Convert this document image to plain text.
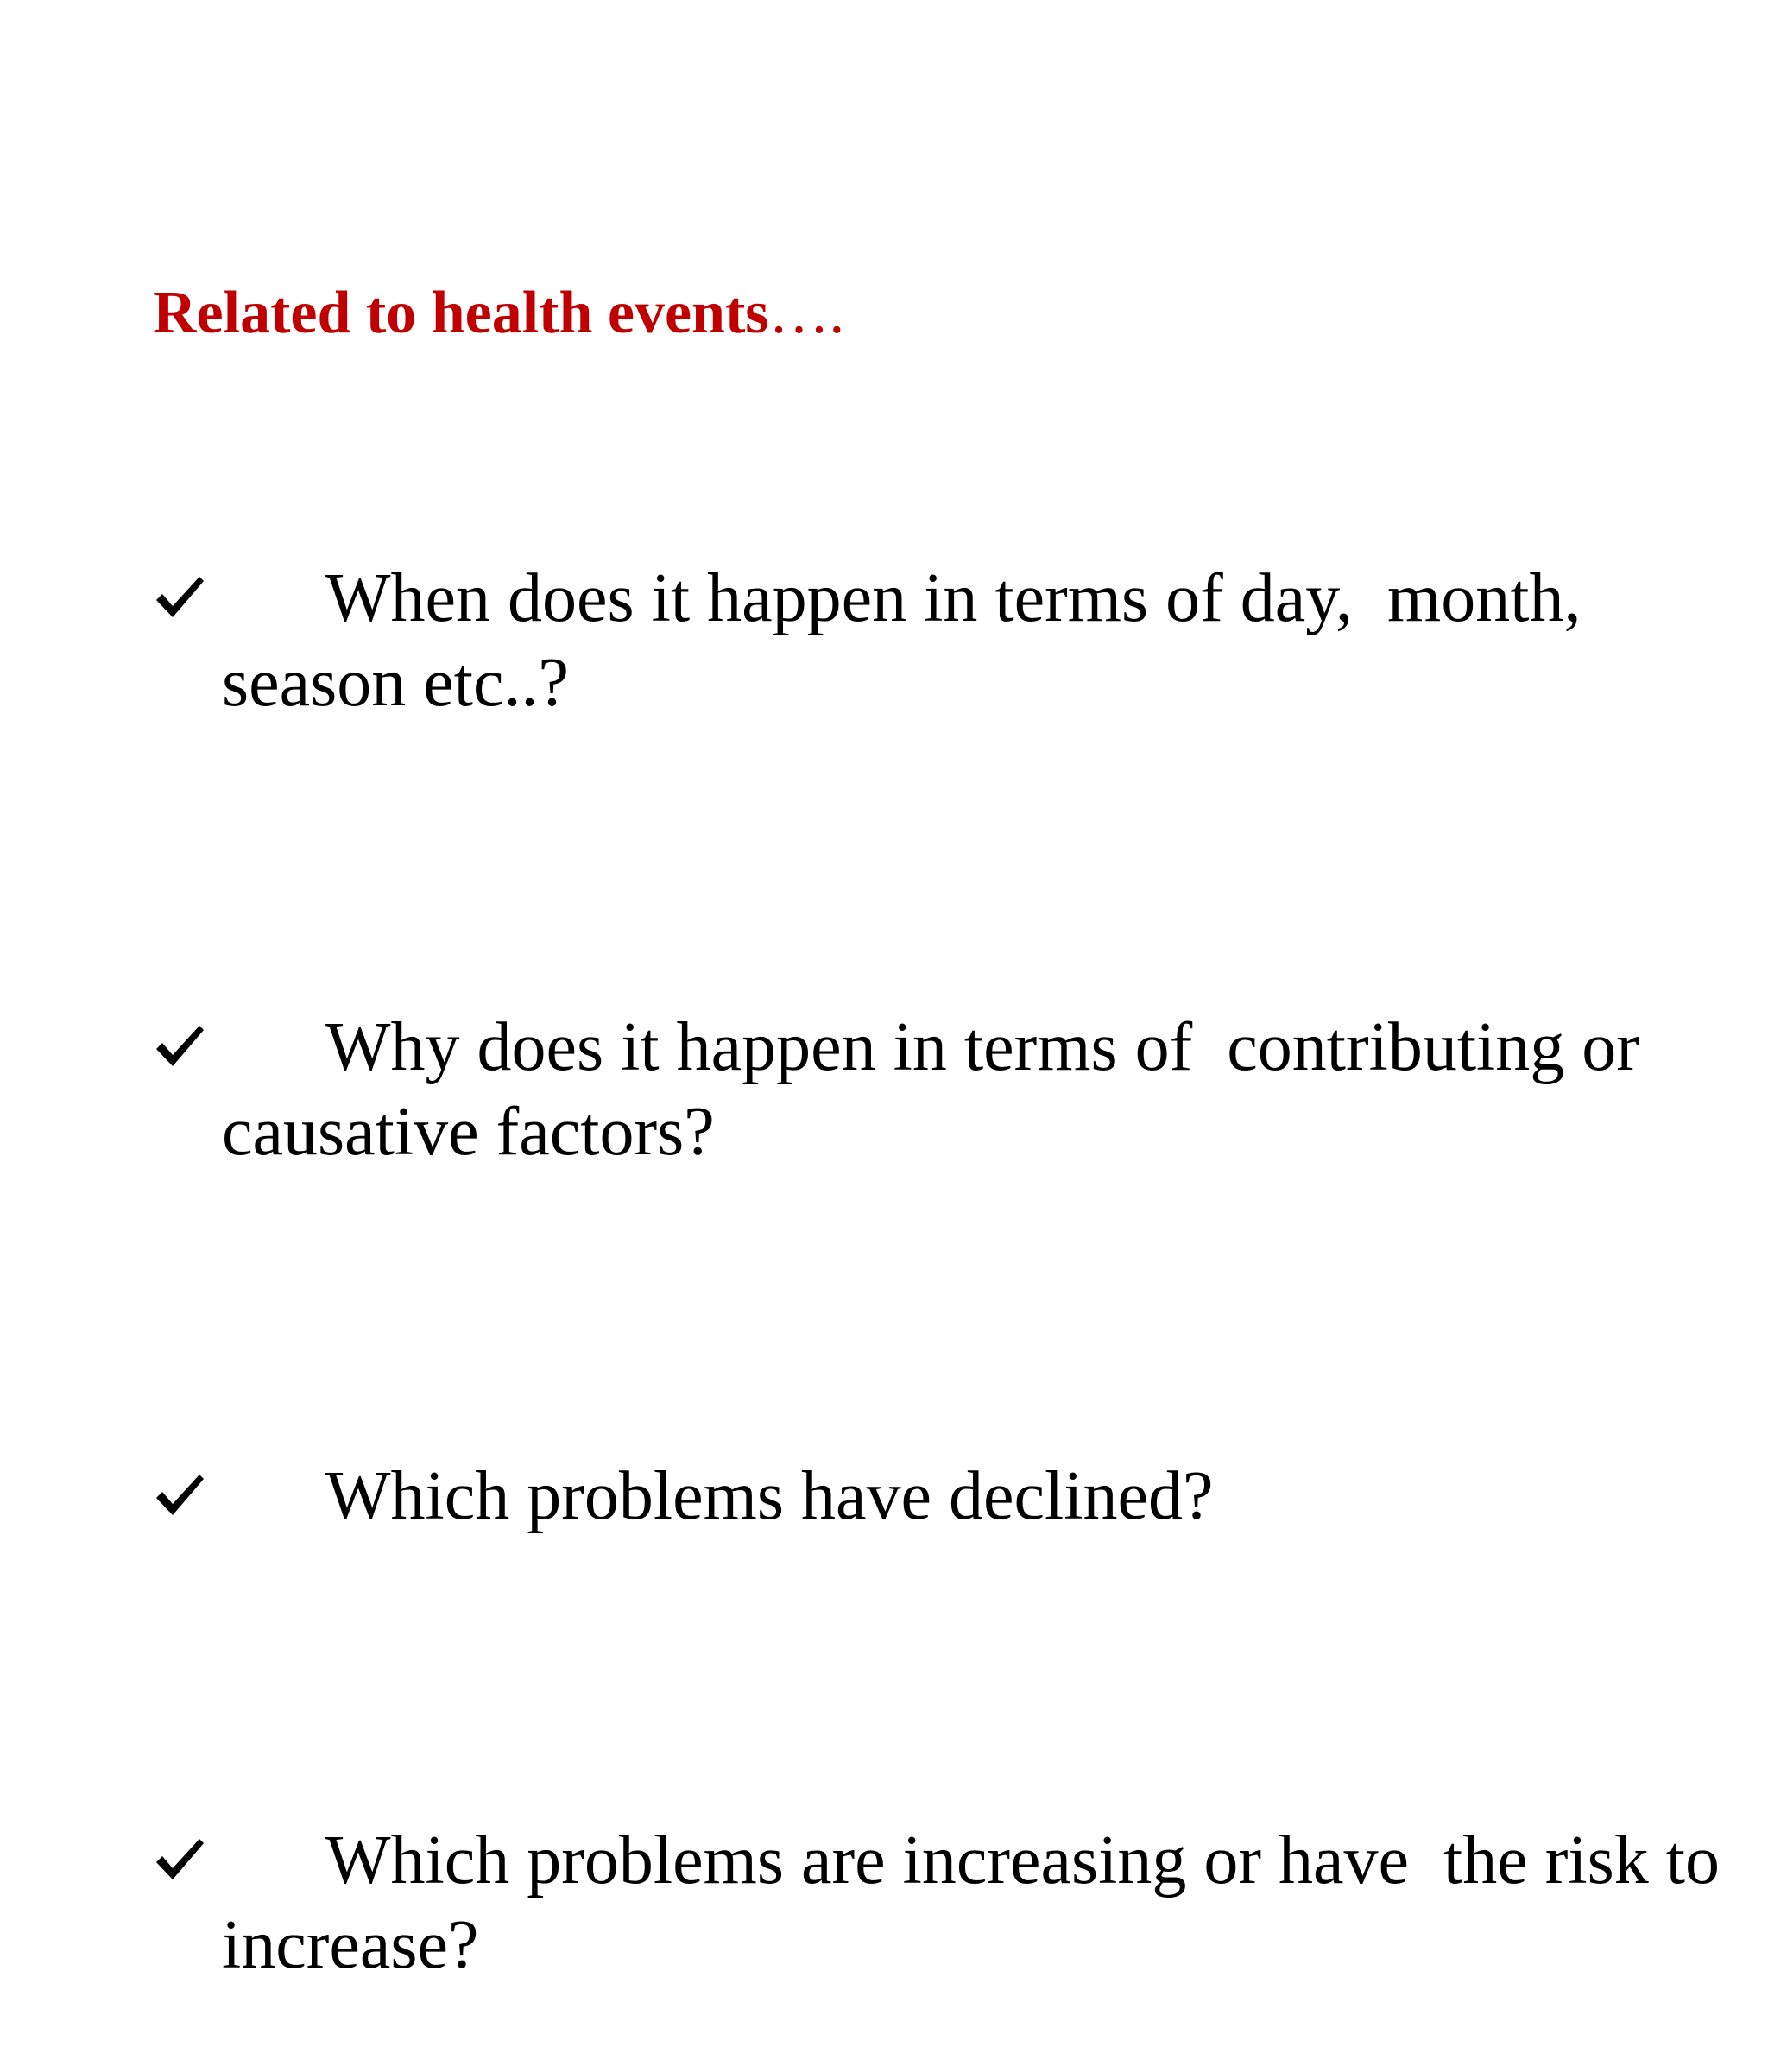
Related to health events….

When does it happen in terms of day,  month,
season etc..?

Why does it happen in terms of  contributing or
causative factors?

Which problems have declined?

Which problems are increasing or have  the risk to
increase?
